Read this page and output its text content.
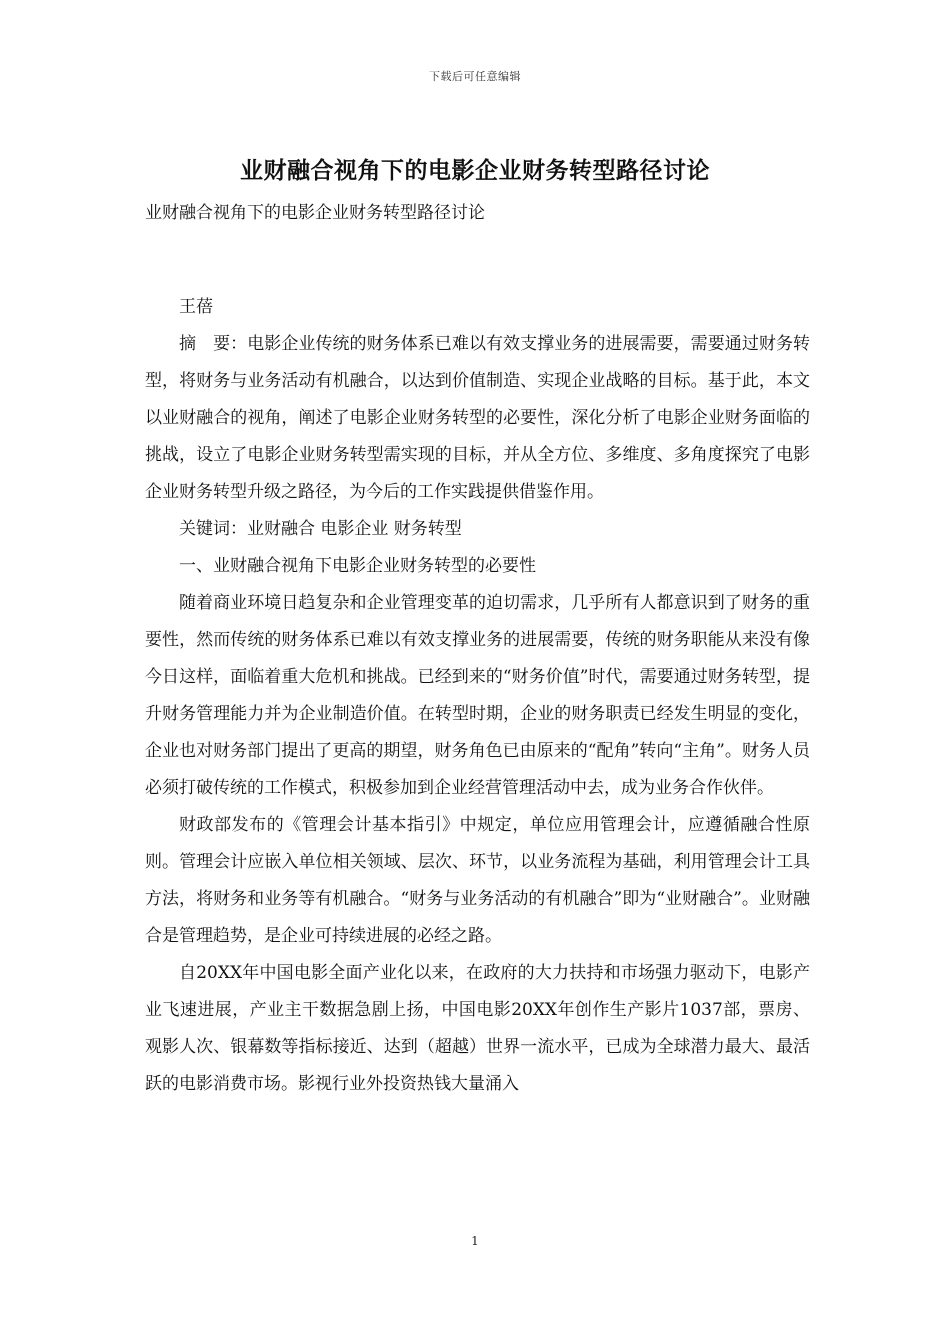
下载后可任意编辑
业财融合视角下的电影企业财务转型路径讨论

业财融合视角下的电影企业财务转型路径讨论

王蓓

摘　要：电影企业传统的财务体系已难以有效支撑业务的进展需要，需要通过财务转型，将财务与业务活动有机融合，以达到价值制造、实现企业战略的目标。基于此，本文以业财融合的视角，阐述了电影企业财务转型的必要性，深化分析了电影企业财务面临的挑战，设立了电影企业财务转型需实现的目标，并从全方位、多维度、多角度探究了电影企业财务转型升级之路径，为今后的工作实践提供借鉴作用。

关键词：业财融合 电影企业 财务转型

一、业财融合视角下电影企业财务转型的必要性

随着商业环境日趋复杂和企业管理变革的迫切需求，几乎所有人都意识到了财务的重要性，然而传统的财务体系已难以有效支撑业务的进展需要，传统的财务职能从来没有像今日这样，面临着重大危机和挑战。已经到来的“财务价值”时代，需要通过财务转型，提升财务管理能力并为企业制造价值。在转型时期，企业的财务职责已经发生明显的变化，企业也对财务部门提出了更高的期望，财务角色已由原来的“配角”转向“主角”。财务人员必须打破传统的工作模式，积极参加到企业经营管理活动中去，成为业务合作伙伴。

财政部发布的《管理会计基本指引》中规定，单位应用管理会计，应遵循融合性原则。管理会计应嵌入单位相关领域、层次、环节，以业务流程为基础，利用管理会计工具方法，将财务和业务等有机融合。“财务与业务活动的有机融合”即为“业财融合”。业财融合是管理趋势，是企业可持续进展的必经之路。

自20XX年中国电影全面产业化以来，在政府的大力扶持和市场强力驱动下，电影产业飞速进展，产业主干数据急剧上扬，中国电影20XX年创作生产影片1037部，票房、观影人次、银幕数等指标接近、达到（超越）世界一流水平，已成为全球潜力最大、最活跃的电影消费市场。影视行业外投资热钱大量涌入

1
